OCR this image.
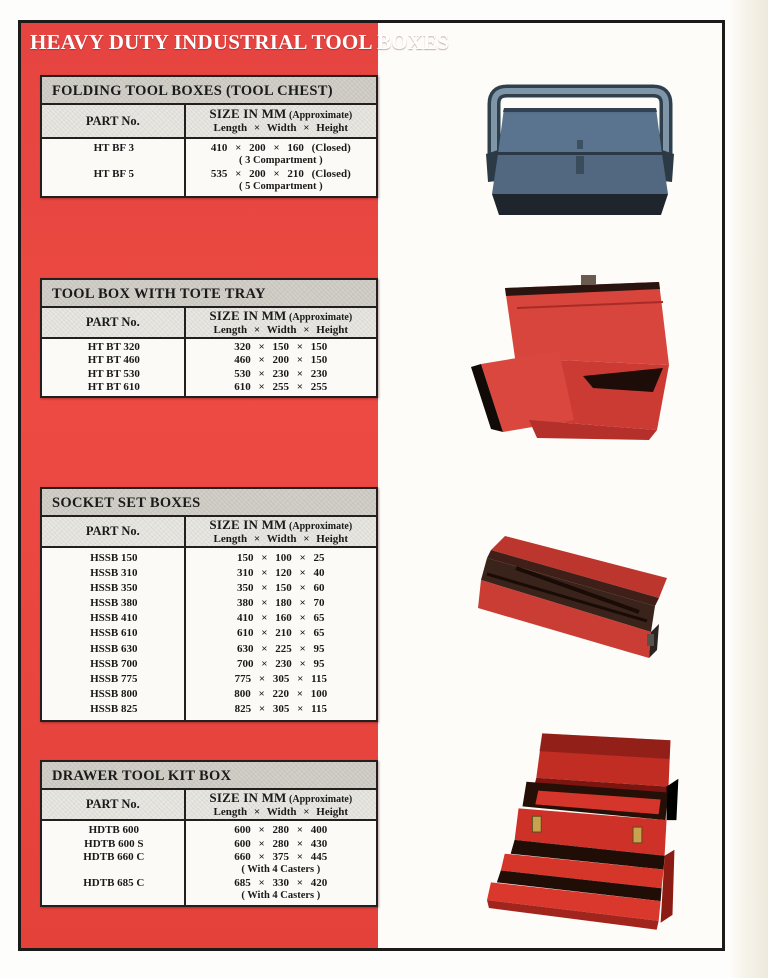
HEAVY DUTY INDUSTRIAL TOOL BOXES
FOLDING TOOL BOXES (TOOL CHEST)
PART No.	SIZE IN MM (Approximate)
Length × Width × Height
HT BF 3	410 × 200 × 160 (Closed)
( 3 Compartment )
HT BF 5	535 × 200 × 210 (Closed)
( 5 Compartment )
TOOL BOX WITH TOTE TRAY
PART No.	SIZE IN MM (Approximate)
Length × Width × Height
HT BT 320	320 × 150 × 150
HT BT 460	460 × 200 × 150
HT BT 530	530 × 230 × 230
HT BT 610	610 × 255 × 255
SOCKET SET BOXES
PART No.	SIZE IN MM (Approximate)
Length × Width × Height
HSSB 150	150 × 100 × 25
HSSB 310	310 × 120 × 40
HSSB 350	350 × 150 × 60
HSSB 380	380 × 180 × 70
HSSB 410	410 × 160 × 65
HSSB 610	610 × 210 × 65
HSSB 630	630 × 225 × 95
HSSB 700	700 × 230 × 95
HSSB 775	775 × 305 × 115
HSSB 800	800 × 220 × 100
HSSB 825	825 × 305 × 115
DRAWER TOOL KIT BOX
PART No.	SIZE IN MM (Approximate)
Length × Width × Height
HDTB 600	600 × 280 × 400
HDTB 600 S	600 × 280 × 430
HDTB 660 C	660 × 375 × 445
( With 4 Casters )
HDTB 685 C	685 × 330 × 420
( With 4 Casters )
